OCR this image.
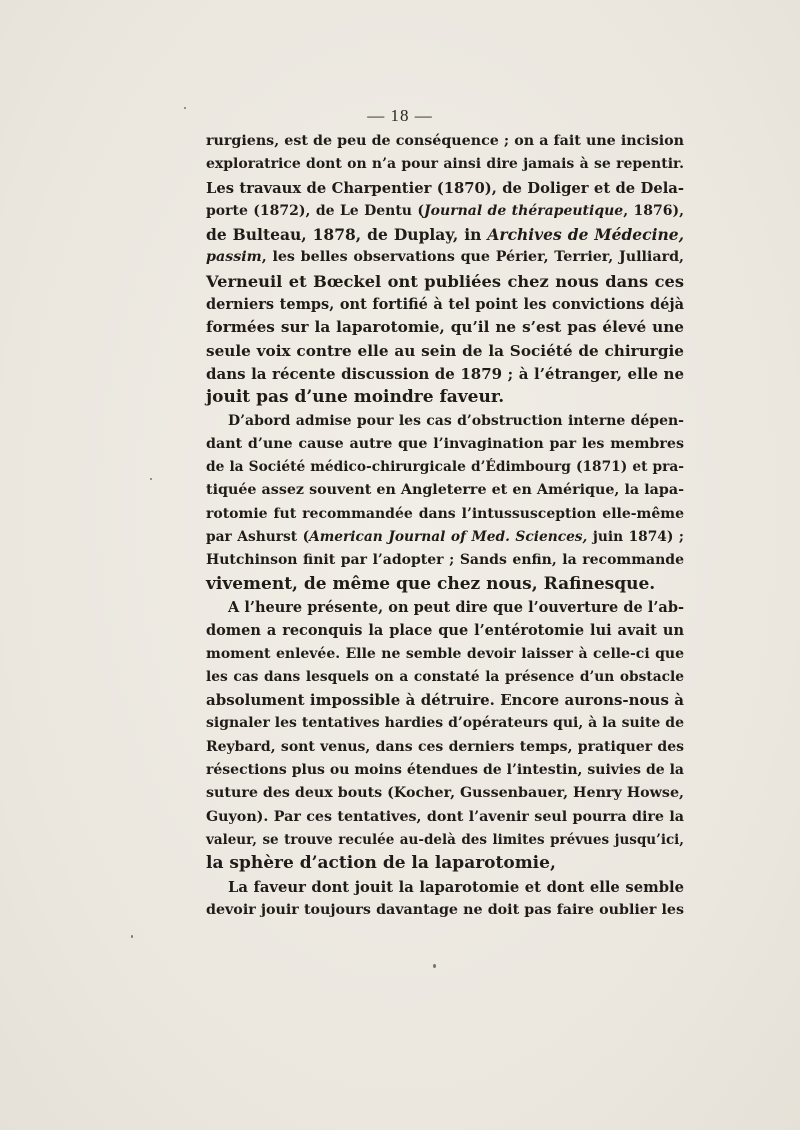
— 18 —
rurgiens, est de peu de conséquence ; on a fait une incision
exploratrice dont on n’a pour ainsi dire jamais à se repentir.
Les travaux de Charpentier (1870), de Doliger et de Dela-
porte (1872), de Le Dentu (Journal de thérapeutique, 1876),
de Bulteau, 1878, de Duplay, in Archives de Médecine,
passim, les belles observations que Périer, Terrier, Julliard,
Verneuil et Bœckel ont publiées chez nous dans ces
derniers temps, ont fortifié à tel point les convictions déjà
formées sur la laparotomie, qu’il ne s’est pas élevé une
seule voix contre elle au sein de la Société de chirurgie
dans la récente discussion de 1879 ; à l’étranger, elle ne
jouit pas d’une moindre faveur.
D’abord admise pour les cas d’obstruction interne dépen-
dant d’une cause autre que l’invagination par les membres
de la Société médico-chirurgicale d’Édimbourg (1871) et pra-
tiquée assez souvent en Angleterre et en Amérique, la lapa-
rotomie fut recommandée dans l’intussusception elle-même
par Ashurst (American Journal of Med. Sciences, juin 1874) ;
Hutchinson finit par l’adopter ; Sands enfin, la recommande
vivement, de même que chez nous, Rafinesque.
A l’heure présente, on peut dire que l’ouverture de l’ab-
domen a reconquis la place que l’entérotomie lui avait un
moment enlevée. Elle ne semble devoir laisser à celle-ci que
les cas dans lesquels on a constaté la présence d’un obstacle
absolument impossible à détruire. Encore aurons-nous à
signaler les tentatives hardies d’opérateurs qui, à la suite de
Reybard, sont venus, dans ces derniers temps, pratiquer des
résections plus ou moins étendues de l’intestin, suivies de la
suture des deux bouts (Kocher, Gussenbauer, Henry Howse,
Guyon). Par ces tentatives, dont l’avenir seul pourra dire la
valeur, se trouve reculée au-delà des limites prévues jusqu’ici,
la sphère d’action de la laparotomie,
La faveur dont jouit la laparotomie et dont elle semble
devoir jouir toujours davantage ne doit pas faire oublier les
